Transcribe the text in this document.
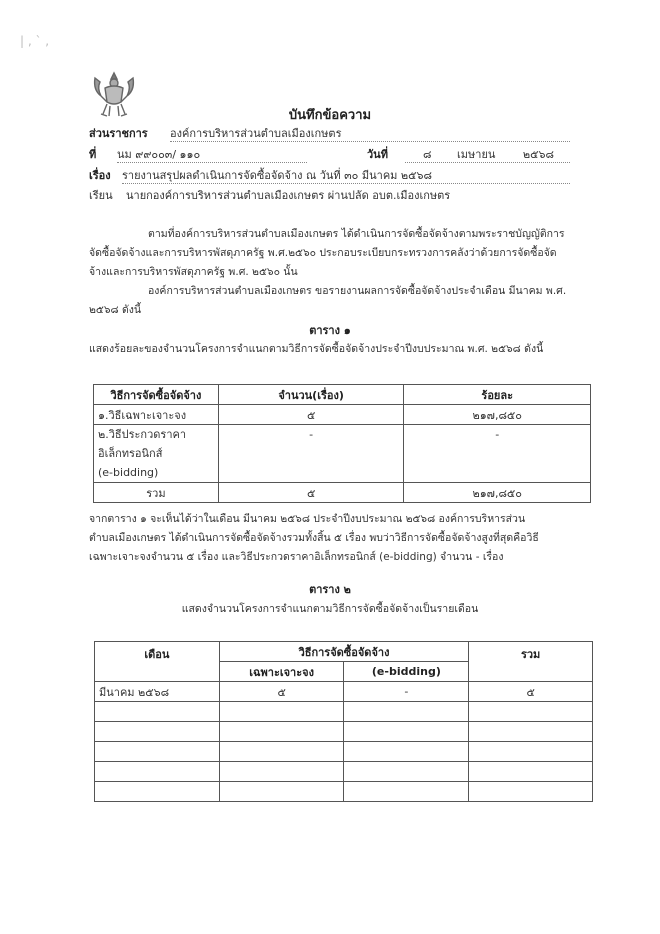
| ‚ ` ,
บันทึกข้อความ
ส่วนราชการ องค์การบริหารส่วนตำบลเมืองเกษตร
ที่ นม ๙๙๐๐๓/ ๑๑๐	วันที่	๘ เมษายน	๒๕๖๘
เรื่อง รายงานสรุปผลดำเนินการจัดซื้อจัดจ้าง ณ วันที่ ๓๐ มีนาคม ๒๕๖๘
เรียน นายกองค์การบริหารส่วนตำบลเมืองเกษตร ผ่านปลัด อบต.เมืองเกษตร
ตามที่องค์การบริหารส่วนตำบลเมืองเกษตร ได้ดำเนินการจัดซื้อจัดจ้างตามพระราชบัญญัติการ
จัดซื้อจัดจ้างและการบริหารพัสดุภาครัฐ พ.ศ.๒๕๖๐ ประกอบระเบียบกระทรวงการคลังว่าด้วยการจัดซื้อจัด
จ้างและการบริหารพัสดุภาครัฐ พ.ศ. ๒๕๖๐ นั้น
องค์การบริหารส่วนตำบลเมืองเกษตร ขอรายงานผลการจัดซื้อจัดจ้างประจำเดือน มีนาคม พ.ศ.
๒๕๖๘ ดังนี้
ตาราง ๑
แสดงร้อยละของจำนวนโครงการจำแนกตามวิธีการจัดซื้อจัดจ้างประจำปีงบประมาณ พ.ศ. ๒๕๖๘ ดังนี้
วิธีการจัดซื้อจัดจ้าง	จำนวน(เรื่อง)	ร้อยละ
๑.วิธีเฉพาะเจาะจง	๕	๒๑๗,๘๕๐

๒.วิธีประกวดราคาอิเล็กทรอนิกส์
(e-bidding)	-	-
รวม	๕	๒๑๗,๘๕๐
จากตาราง ๑ จะเห็นได้ว่าในเดือน มีนาคม ๒๕๖๘ ประจำปีงบประมาณ ๒๕๖๘ องค์การบริหารส่วน
ตำบลเมืองเกษตร ได้ดำเนินการจัดซื้อจัดจ้างรวมทั้งสิ้น ๕ เรื่อง พบว่าวิธีการจัดซื้อจัดจ้างสูงที่สุดคือวิธี
เฉพาะเจาะจงจำนวน ๕ เรื่อง และวิธีประกวดราคาอิเล็กทรอนิกส์ (e-bidding) จำนวน - เรื่อง
ตาราง ๒
แสดงจำนวนโครงการจำแนกตามวิธีการจัดซื้อจัดจ้างเป็นรายเดือน
เดือน	วิธีการจัดซื้อจัดจ้าง		รวม
	เฉพาะเจาะจง	(e-bidding)	
มีนาคม ๒๕๖๘	๕	-	๕
